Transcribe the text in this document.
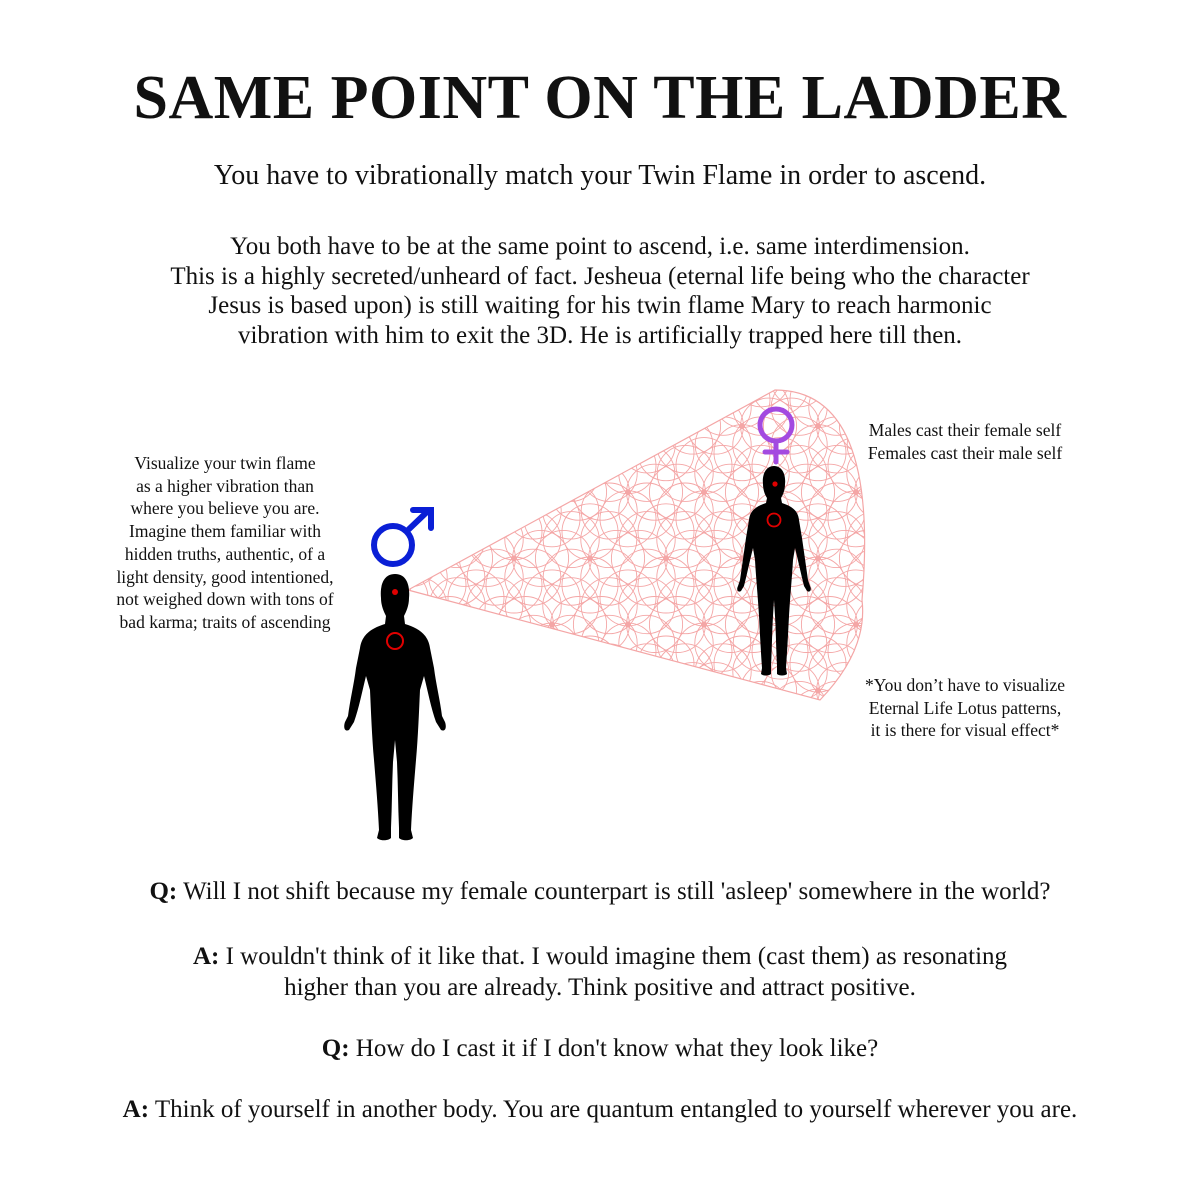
SAME POINT ON THE LADDER
You have to vibrationally match your Twin Flame in order to ascend.
You both have to be at the same point to ascend, i.e. same interdimension.
This is a highly secreted/unheard of fact. Jesheua (eternal life being who the character
Jesus is based upon) is still waiting for his twin flame Mary to reach harmonic
vibration with him to exit the 3D. He is artificially trapped here till then.
Visualize your twin flame
as a higher vibration than
where you believe you are.
Imagine them familiar with
hidden truths, authentic, of a
light density, good intentioned,
not weighed down with tons of
bad karma; traits of ascending
Males cast their female self
Females cast their male self
*You don’t have to visualize
Eternal Life Lotus patterns,
it is there for visual effect*
Q: Will I not shift because my female counterpart is still 'asleep' somewhere in the world?
A: I wouldn't think of it like that. I would imagine them (cast them) as resonating
higher than you are already. Think positive and attract positive.
Q: How do I cast it if I don't know what they look like?
A: Think of yourself in another body. You are quantum entangled to yourself wherever you are.
